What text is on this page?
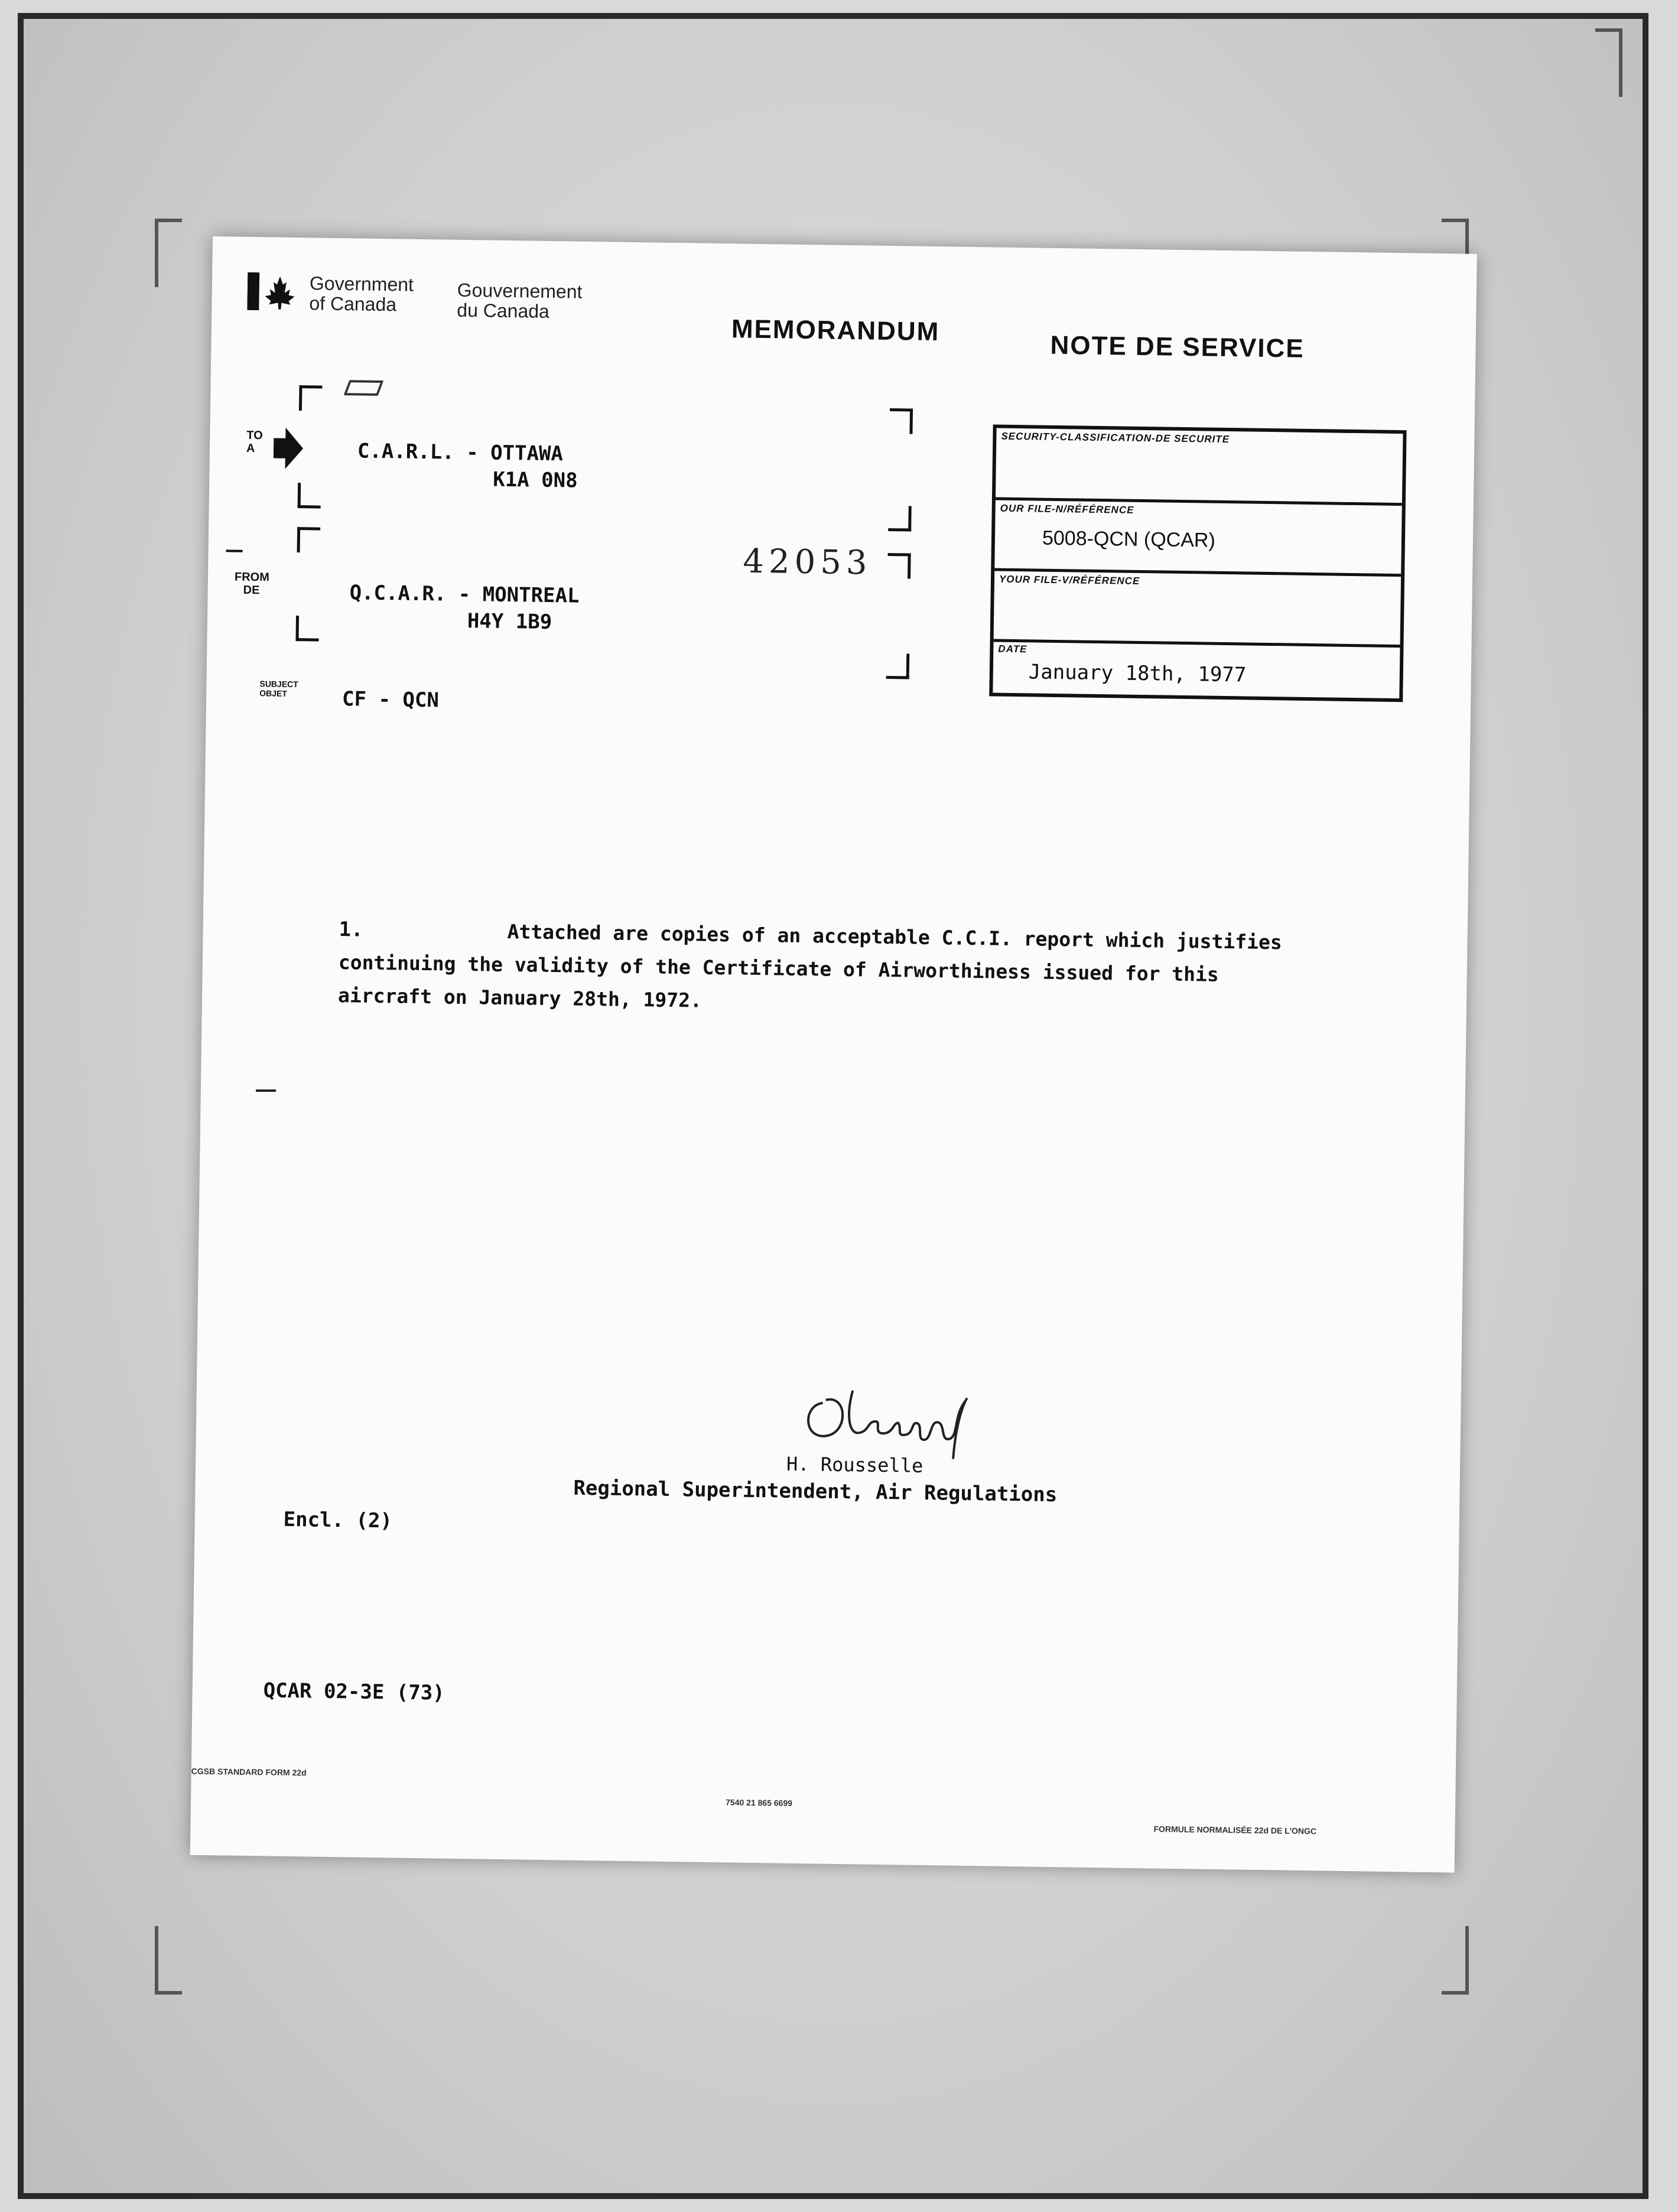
Government
of Canada
Gouvernement
du Canada
MEMORANDUM
NOTE DE SERVICE
TO
A	C.A.R.L. - OTTAWA
K1A 0N8
FROM
DE	Q.C.A.R. - MONTREAL
H4Y 1B9
SUBJECT
OBJET	CF - QCN
42053
SECURITY-CLASSIFICATION-DE SECURITE
OUR FILE-N/RÉFÉRENCE
5008-QCN (QCAR)
YOUR FILE-V/RÉFÉRENCE
DATE
January 18th, 1977
1.	Attached are copies of an acceptable C.C.I. report which justifies
continuing the validity of the Certificate of Airworthiness issued for this
aircraft on January 28th, 1972.
H. Rousselle
Regional Superintendent, Air Regulations
Encl. (2)
QCAR 02-3E (73)
CGSB STANDARD FORM 22d
7540 21 865 6699
FORMULE NORMALISÉE 22d DE L'ONGC
